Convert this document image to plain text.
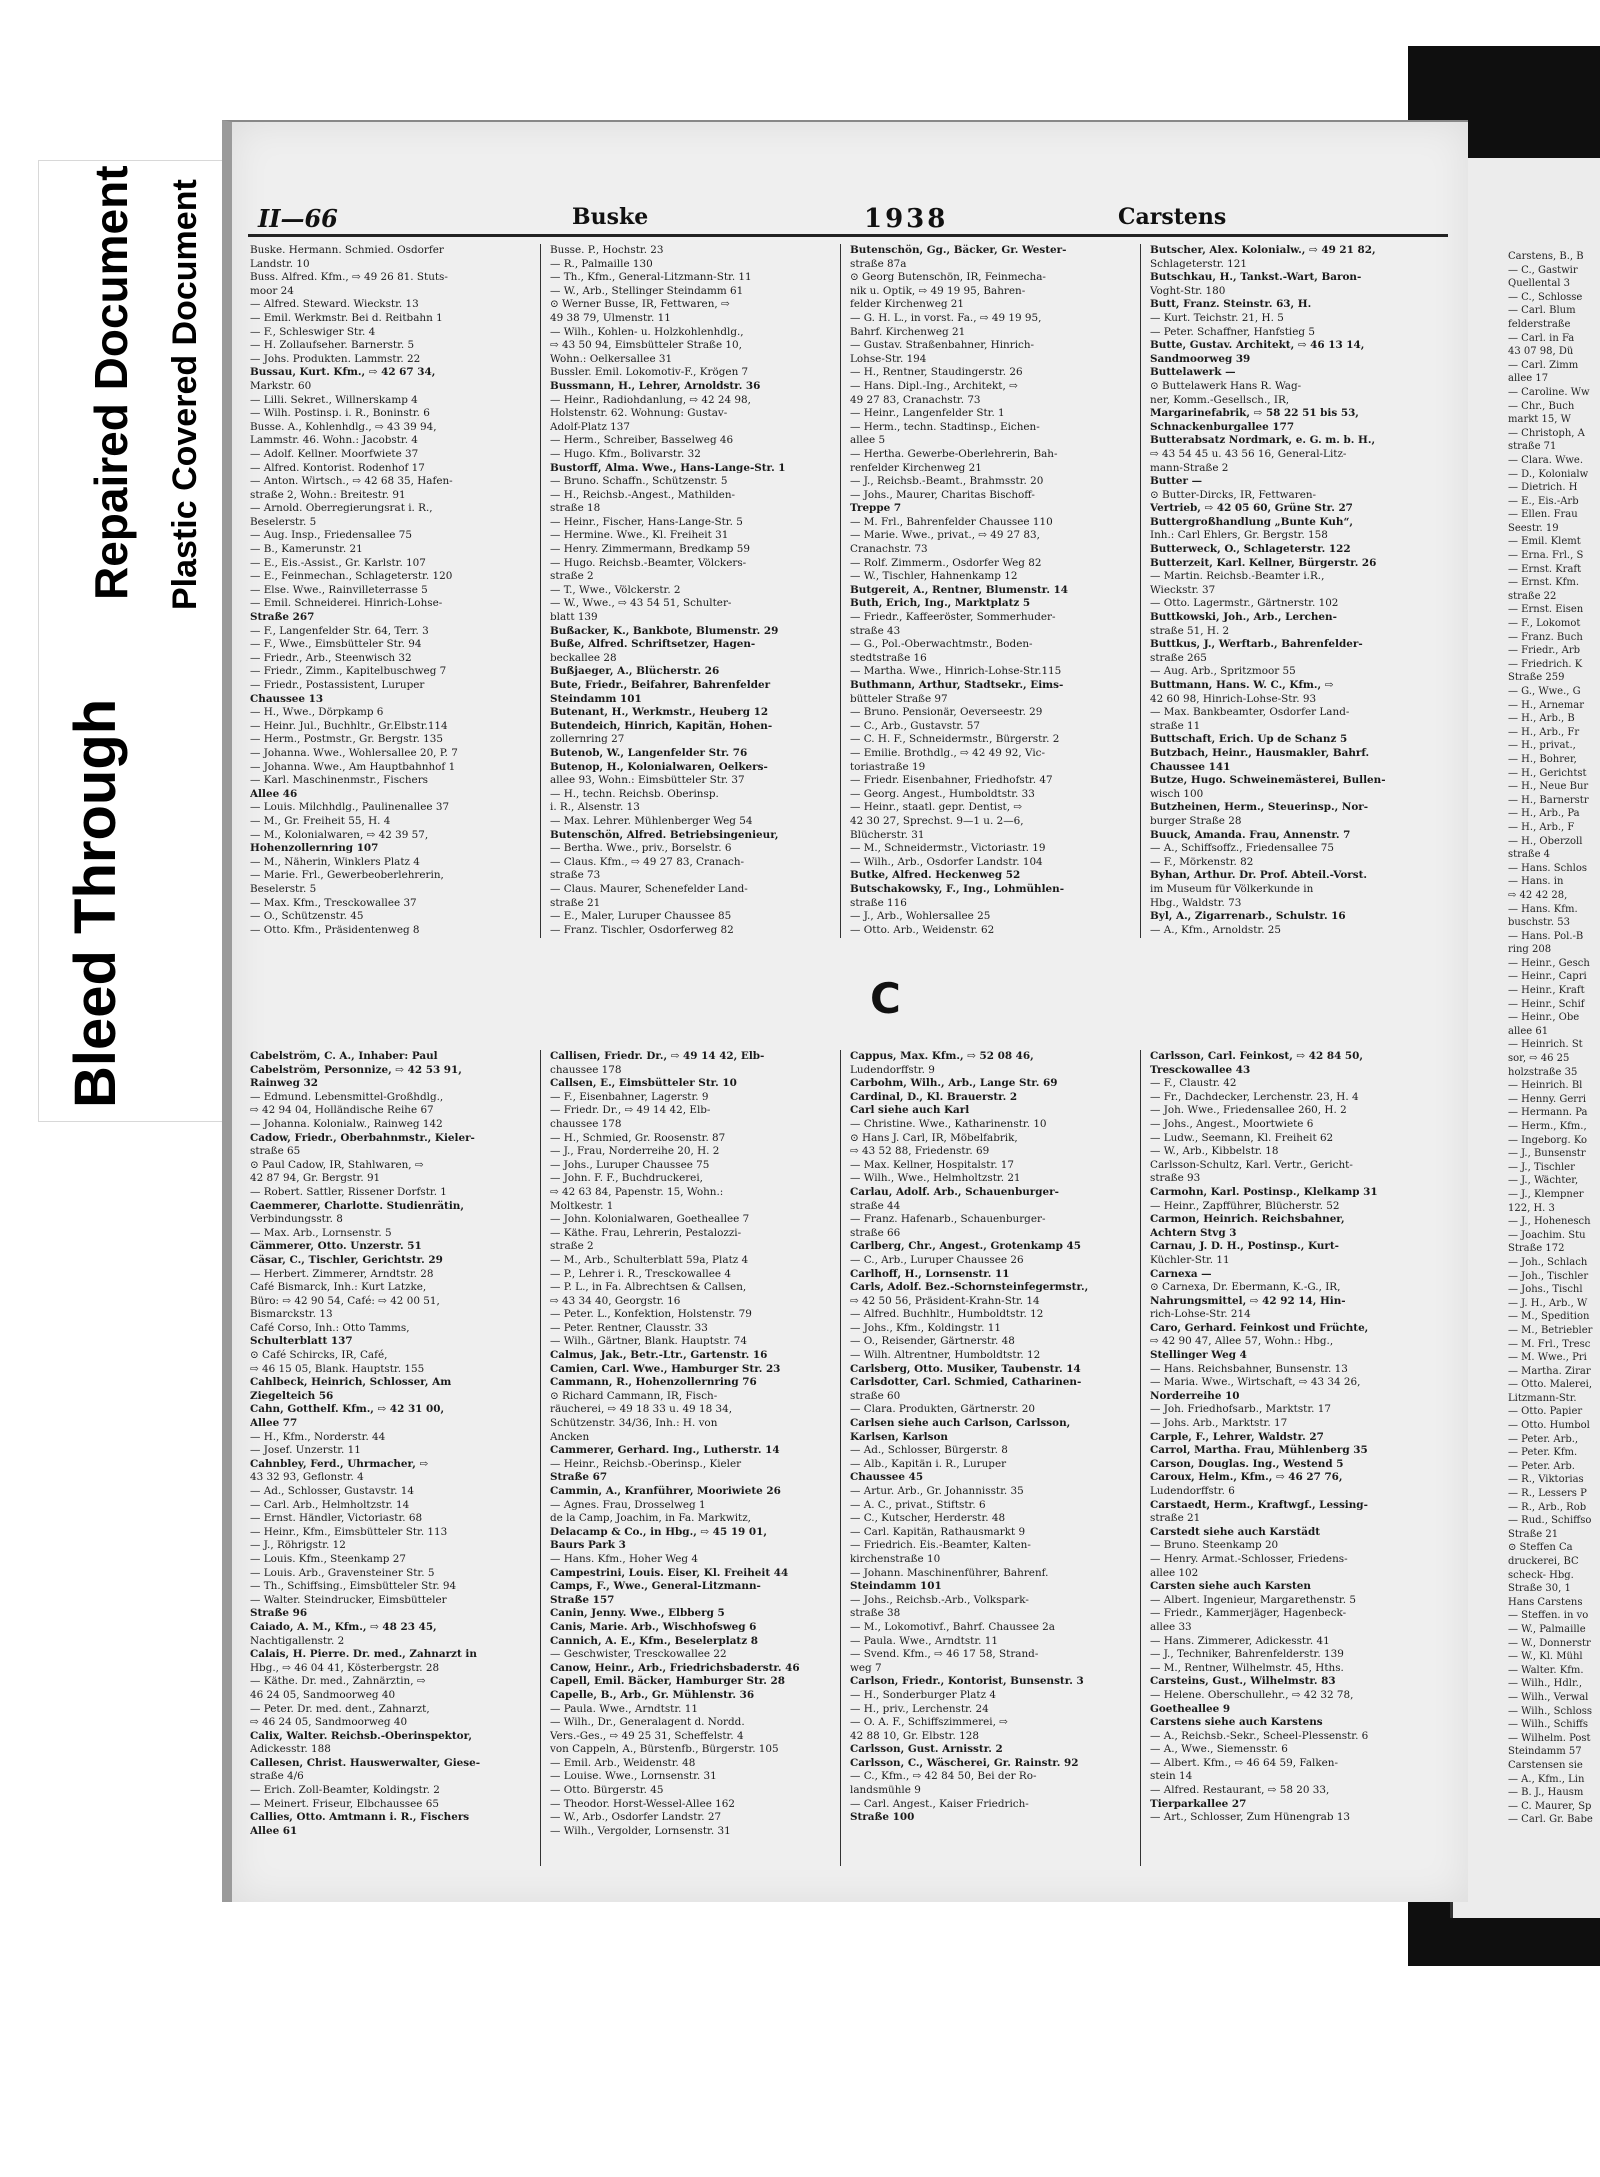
Bleed Through
Repaired Document Plastic Covered Document	Carstens, B., B

— C., Gastwir

Quellental 3

— C., Schlosse

— Carl. Blum

felderstraße

— Carl. in Fa

43 07 98, Dü

— Carl. Zimm

allee 17

— Caroline. Ww

— Chr., Buch

markt 15, W

— Christoph, A

straße 71

— Clara. Wwe.

— D., Kolonialw

— Dietrich. H

— E., Eis.-Arb

— Ellen. Frau

Seestr. 19

— Emil. Klemt

— Erna. Frl., S

— Ernst. Kraft

— Ernst. Kfm.

straße 22

— Ernst. Eisen

— F., Lokomot

— Franz. Buch

— Friedr., Arb

— Friedrich. K

Straße 259

— G., Wwe., G

— H., Arnemar

— H., Arb., B

— H., Arb., Fr

— H., privat.,

— H., Bohrer,

— H., Gerichtst

— H., Neue Bur

— H., Barnerstr

— H., Arb., Pa

— H., Arb., F

— H., Oberzoll

straße 4

— Hans. Schlos

— Hans. in

⇨ 42 42 28,

— Hans. Kfm.

buschstr. 53

— Hans. Pol.-B

ring 208

— Heinr., Gesch

— Heinr., Capri

— Heinr., Kraft

— Heinr., Schif

— Heinr., Obe

allee 61

— Heinrich. St

sor, ⇨ 46 25

holzstraße 35

— Heinrich. Bl

— Henny. Gerri

— Hermann. Pa

— Herm., Kfm.,

— Ingeborg. Ko

— J., Bunsenstr

— J., Tischler

— J., Wächter,

— J., Klempner

122, H. 3

— J., Hohenesch

— Joachim. Stu

Straße 172

— Joh., Schlach

— Joh., Tischler

— Johs., Tischl

— J. H., Arb., W

— M., Spedition

— M., Betriebler

— M. Frl., Tresc

— M. Wwe., Pri

— Martha. Zirar

— Otto. Malerei,

Litzmann-Str.

— Otto. Papier

— Otto. Humbol

— Peter. Arb.,

— Peter. Kfm.

— Peter. Arb.

— R., Viktorias

— R., Lessers P

— R., Arb., Rob

— Rud., Schiffso

Straße 21

⊙ Steffen Ca

druckerei, BC

scheck- Hbg.

Straße 30, 1

Hans Carstens

— Steffen. in vo

— W., Palmaille

— W., Donnerstr

— W., Kl. Mühl

— Walter. Kfm.

— Wilh., Hdlr.,

— Wilh., Verwal

— Wilh., Schloss

— Wilh., Schiffs

— Wilhelm. Post

Steindamm 57

Carstensen sie

— A., Kfm., Lin

— B. J., Hausm

— C. Maurer, Sp

— Carl. Gr. Babe

II—66	Buske	1938	Carstens

Buske. Hermann. Schmied. Osdorfer

Landstr. 10

Buss. Alfred. Kfm., ⇨ 49 26 81. Stuts-

moor 24

— Alfred. Steward. Wieckstr. 13

— Emil. Werkmstr. Bei d. Reitbahn 1

— F., Schleswiger Str. 4

— H. Zollaufseher. Barnerstr. 5

— Johs. Produkten. Lammstr. 22

Bussau, Kurt. Kfm., ⇨ 42 67 34,

Markstr. 60

— Lilli. Sekret., Willnerskamp 4

— Wilh. Postinsp. i. R., Boninstr. 6

Busse. A., Kohlenhdlg., ⇨ 43 39 94,

Lammstr. 46. Wohn.: Jacobstr. 4

— Adolf. Kellner. Moorfwiete 37

— Alfred. Kontorist. Rodenhof 17

— Anton. Wirtsch., ⇨ 42 68 35, Hafen-

straße 2, Wohn.: Breitestr. 91

— Arnold. Oberregierungsrat i. R.,

Beselerstr. 5

— Aug. Insp., Friedensallee 75

— B., Kamerunstr. 21

— E., Eis.-Assist., Gr. Karlstr. 107

— E., Feinmechan., Schlageterstr. 120

— Else. Wwe., Rainvilleterrasse 5

— Emil. Schneiderei. Hinrich-Lohse-

Straße 267

— F., Langenfelder Str. 64, Terr. 3

— F., Wwe., Eimsbütteler Str. 94

— Friedr., Arb., Steenwisch 32

— Friedr., Zimm., Kapitelbuschweg 7

— Friedr., Postassistent, Luruper

Chaussee 13

— H., Wwe., Dörpkamp 6

— Heinr. Jul., Buchhltr., Gr.Elbstr.114

— Herm., Postmstr., Gr. Bergstr. 135

— Johanna. Wwe., Wohlersallee 20, P. 7

— Johanna. Wwe., Am Hauptbahnhof 1

— Karl. Maschinenmstr., Fischers

Allee 46

— Louis. Milchhdlg., Paulinenallee 37

— M., Gr. Freiheit 55, H. 4

— M., Kolonialwaren, ⇨ 42 39 57,

Hohenzollernring 107

— M., Näherin, Winklers Platz 4

— Marie. Frl., Gewerbeoberlehrerin,

Beselerstr. 5

— Max. Kfm., Tresckowallee 37

— O., Schützenstr. 45

— Otto. Kfm., Präsidentenweg 8

Busse. P., Hochstr. 23

— R., Palmaille 130

— Th., Kfm., General-Litzmann-Str. 11

— W., Arb., Stellinger Steindamm 61

⊙ Werner Busse, IR, Fettwaren, ⇨

49 38 79, Ulmenstr. 11

— Wilh., Kohlen- u. Holzkohlenhdlg.,

⇨ 43 50 94, Eimsbütteler Straße 10,

Wohn.: Oelkersallee 31

Bussler. Emil. Lokomotiv-F., Krögen 7

Bussmann, H., Lehrer, Arnoldstr. 36

— Heinr., Radiohdanlung, ⇨ 42 24 98,

Holstenstr. 62. Wohnung: Gustav-

Adolf-Platz 137

— Herm., Schreiber, Basselweg 46

— Hugo. Kfm., Bolivarstr. 32

Bustorff, Alma. Wwe., Hans-Lange-Str. 1

— Bruno. Schaffn., Schützenstr. 5

— H., Reichsb.-Angest., Mathilden-

straße 18

— Heinr., Fischer, Hans-Lange-Str. 5

— Hermine. Wwe., Kl. Freiheit 31

— Henry. Zimmermann, Bredkamp 59

— Hugo. Reichsb.-Beamter, Völckers-

straße 2

— T., Wwe., Völckerstr. 2

— W., Wwe., ⇨ 43 54 51, Schulter-

blatt 139

Bußacker, K., Bankbote, Blumenstr. 29

Buße, Alfred. Schriftsetzer, Hagen-

beckallee 28

Bußjaeger, A., Blücherstr. 26

Bute, Friedr., Beifahrer, Bahrenfelder

Steindamm 101

Butenant, H., Werkmstr., Heuberg 12

Butendeich, Hinrich, Kapitän, Hohen-

zollernring 27

Butenob, W., Langenfelder Str. 76

Butenop, H., Kolonialwaren, Oelkers-

allee 93, Wohn.: Eimsbütteler Str. 37

— H., techn. Reichsb. Oberinsp.

i. R., Alsenstr. 13

— Max. Lehrer. Mühlenberger Weg 54

Butenschön, Alfred. Betriebsingenieur,

— Bertha. Wwe., priv., Borselstr. 6

— Claus. Kfm., ⇨ 49 27 83, Cranach-

straße 73

— Claus. Maurer, Schenefelder Land-

straße 21

— E., Maler, Luruper Chaussee 85

— Franz. Tischler, Osdorferweg 82

Butenschön, Gg., Bäcker, Gr. Wester-

straße 87a

⊙ Georg Butenschön, IR, Feinmecha-

nik u. Optik, ⇨ 49 19 95, Bahren-

felder Kirchenweg 21

— G. H. L., in vorst. Fa., ⇨ 49 19 95,

Bahrf. Kirchenweg 21

— Gustav. Straßenbahner, Hinrich-

Lohse-Str. 194

— H., Rentner, Staudingerstr. 26

— Hans. Dipl.-Ing., Architekt, ⇨

49 27 83, Cranachstr. 73

— Heinr., Langenfelder Str. 1

— Herm., techn. Stadtinsp., Eichen-

allee 5

— Hertha. Gewerbe-Oberlehrerin, Bah-

renfelder Kirchenweg 21

— J., Reichsb.-Beamt., Brahmsstr. 20

— Johs., Maurer, Charitas Bischoff-

Treppe 7

— M. Frl., Bahrenfelder Chaussee 110

— Marie. Wwe., privat., ⇨ 49 27 83,

Cranachstr. 73

— Rolf. Zimmerm., Osdorfer Weg 82

— W., Tischler, Hahnenkamp 12

Butgereit, A., Rentner, Blumenstr. 14

Buth, Erich, Ing., Marktplatz 5

— Friedr., Kaffeeröster, Sommerhuder-

straße 43

— G., Pol.-Oberwachtmstr., Boden-

stedtstraße 16

— Martha. Wwe., Hinrich-Lohse-Str.115

Buthmann, Arthur, Stadtsekr., Eims-

bütteler Straße 97

— Bruno. Pensionär, Oeverseestr. 29

— C., Arb., Gustavstr. 57

— C. H. F., Schneidermstr., Bürgerstr. 2

— Emilie. Brothdlg., ⇨ 42 49 92, Vic-

toriastraße 19

— Friedr. Eisenbahner, Friedhofstr. 47

— Georg. Angest., Humboldtstr. 33

— Heinr., staatl. gepr. Dentist, ⇨

42 30 27, Sprechst. 9—1 u. 2—6,

Blücherstr. 31

— M., Schneidermstr., Victoriastr. 19

— Wilh., Arb., Osdorfer Landstr. 104

Butke, Alfred. Heckenweg 52

Butschakowsky, F., Ing., Lohmühlen-

straße 116

— J., Arb., Wohlersallee 25

— Otto. Arb., Weidenstr. 62

Butscher, Alex. Kolonialw., ⇨ 49 21 82,

Schlageterstr. 121

Butschkau, H., Tankst.-Wart, Baron-

Voght-Str. 180

Butt, Franz. Steinstr. 63, H.

— Kurt. Teichstr. 21, H. 5

— Peter. Schaffner, Hanfstieg 5

Butte, Gustav. Architekt, ⇨ 46 13 14,

Sandmoorweg 39

Buttelawerk —

⊙ Buttelawerk Hans R. Wag-

ner, Komm.-Gesellsch., IR,

Margarinefabrik, ⇨ 58 22 51 bis 53,

Schnackenburgallee 177

Butterabsatz Nordmark, e. G. m. b. H.,

⇨ 43 54 45 u. 43 56 16, General-Litz-

mann-Straße 2

Butter —

⊙ Butter-Dircks, IR, Fettwaren-

Vertrieb, ⇨ 42 05 60, Grüne Str. 27

Buttergroßhandlung „Bunte Kuh“,

Inh.: Carl Ehlers, Gr. Bergstr. 158

Butterweck, O., Schlageterstr. 122

Butterzeit, Karl. Kellner, Bürgerstr. 26

— Martin. Reichsb.-Beamter i.R.,

Wieckstr. 37

— Otto. Lagermstr., Gärtnerstr. 102

Buttkowski, Joh., Arb., Lerchen-

straße 51, H. 2

Buttkus, J., Werftarb., Bahrenfelder-

straße 265

— Aug. Arb., Spritzmoor 55

Buttmann, Hans. W. C., Kfm., ⇨

42 60 98, Hinrich-Lohse-Str. 93

— Max. Bankbeamter, Osdorfer Land-

straße 11

Buttschaft, Erich. Up de Schanz 5

Butzbach, Heinr., Hausmakler, Bahrf.

Chaussee 141

Butze, Hugo. Schweinemästerei, Bullen-

wisch 100

Butzheinen, Herm., Steuerinsp., Nor-

burger Straße 28

Buuck, Amanda. Frau, Annenstr. 7

— A., Schiffsoffz., Friedensallee 75

— F., Mörkenstr. 82

Byhan, Arthur. Dr. Prof. Abteil.-Vorst.

im Museum für Völkerkunde in

Hbg., Waldstr. 73

Byl, A., Zigarrenarb., Schulstr. 16

— A., Kfm., Arnoldstr. 25

C

Cabelström, C. A., Inhaber: Paul

Cabelström, Personnize, ⇨ 42 53 91,

Rainweg 32

— Edmund. Lebensmittel-Großhdlg.,

⇨ 42 94 04, Holländische Reihe 67

— Johanna. Kolonialw., Rainweg 142

Cadow, Friedr., Oberbahnmstr., Kieler-

straße 65

⊙ Paul Cadow, IR, Stahlwaren, ⇨

42 87 94, Gr. Bergstr. 91

— Robert. Sattler, Rissener Dorfstr. 1

Caemmerer, Charlotte. Studienrätin,

Verbindungsstr. 8

— Max. Arb., Lornsenstr. 5

Cämmerer, Otto. Unzerstr. 51

Cäsar, C., Tischler, Gerichtstr. 29

— Herbert. Zimmerer, Arndtstr. 28

Café Bismarck, Inh.: Kurt Latzke,

Büro: ⇨ 42 90 54, Café: ⇨ 42 00 51,

Bismarckstr. 13

Café Corso, Inh.: Otto Tamms,

Schulterblatt 137

⊙ Café Schircks, IR, Café,

⇨ 46 15 05, Blank. Hauptstr. 155

Cahlbeck, Heinrich, Schlosser, Am

Ziegelteich 56

Cahn, Gotthelf. Kfm., ⇨ 42 31 00,

Allee 77

— H., Kfm., Norderstr. 44

— Josef. Unzerstr. 11

Cahnbley, Ferd., Uhrmacher, ⇨

43 32 93, Geflonstr. 4

— Ad., Schlosser, Gustavstr. 14

— Carl. Arb., Helmholtzstr. 14

— Ernst. Händler, Victoriastr. 68

— Heinr., Kfm., Eimsbütteler Str. 113

— J., Röhrigstr. 12

— Louis. Kfm., Steenkamp 27

— Louis. Arb., Gravensteiner Str. 5

— Th., Schiffsing., Eimsbütteler Str. 94

— Walter. Steindrucker, Eimsbütteler

Straße 96

Caiado, A. M., Kfm., ⇨ 48 23 45,

Nachtigallenstr. 2

Calais, H. Pierre. Dr. med., Zahnarzt in

Hbg., ⇨ 46 04 41, Kösterbergstr. 28

— Käthe. Dr. med., Zahnärztin, ⇨

46 24 05, Sandmoorweg 40

— Peter. Dr. med. dent., Zahnarzt,

⇨ 46 24 05, Sandmoorweg 40

Calix, Walter. Reichsb.-Oberinspektor,

Adickesstr. 188

Callesen, Christ. Hauswerwalter, Giese-

straße 4/6

— Erich. Zoll-Beamter, Koldingstr. 2

— Meinert. Friseur, Elbchaussee 65

Callies, Otto. Amtmann i. R., Fischers

Allee 61

Callisen, Friedr. Dr., ⇨ 49 14 42, Elb-

chaussee 178

Callsen, E., Eimsbütteler Str. 10

— F., Eisenbahner, Lagerstr. 9

— Friedr. Dr., ⇨ 49 14 42, Elb-

chaussee 178

— H., Schmied, Gr. Roosenstr. 87

— J., Frau, Norderreihe 20, H. 2

— Johs., Luruper Chaussee 75

— John. F. F., Buchdruckerei,

⇨ 42 63 84, Papenstr. 15, Wohn.:

Moltkestr. 1

— John. Kolonialwaren, Goetheallee 7

— Käthe. Frau, Lehrerin, Pestalozzi-

straße 2

— M., Arb., Schulterblatt 59a, Platz 4

— P., Lehrer i. R., Tresckowallee 4

— P. L., in Fa. Albrechtsen & Callsen,

⇨ 43 34 40, Georgstr. 16

— Peter. L., Konfektion, Holstenstr. 79

— Peter. Rentner, Clausstr. 33

— Wilh., Gärtner, Blank. Hauptstr. 74

Calmus, Jak., Betr.-Ltr., Gartenstr. 16

Camien, Carl. Wwe., Hamburger Str. 23

Cammann, R., Hohenzollernring 76

⊙ Richard Cammann, IR, Fisch-

räucherei, ⇨ 49 18 33 u. 49 18 34,

Schützenstr. 34/36, Inh.: H. von

Ancken

Cammerer, Gerhard. Ing., Lutherstr. 14

— Heinr., Reichsb.-Oberinsp., Kieler

Straße 67

Cammin, A., Kranführer, Mooriwiete 26

— Agnes. Frau, Drosselweg 1

de la Camp, Joachim, in Fa. Markwitz,

Delacamp & Co., in Hbg., ⇨ 45 19 01,

Baurs Park 3

— Hans. Kfm., Hoher Weg 4

Campestrini, Louis. Eiser, Kl. Freiheit 44

Camps, F., Wwe., General-Litzmann-

Straße 157

Canin, Jenny. Wwe., Elbberg 5

Canis, Marie. Arb., Wischhofsweg 6

Cannich, A. E., Kfm., Beselerplatz 8

— Geschwister, Tresckowallee 22

Canow, Heinr., Arb., Friedrichsbaderstr. 46

Capell, Emil. Bäcker, Hamburger Str. 28

Capelle, B., Arb., Gr. Mühlenstr. 36

— Paula. Wwe., Arndtstr. 11

— Wilh., Dr., Generalagent d. Nordd.

Vers.-Ges., ⇨ 49 25 31, Scheffelstr. 4

von Cappeln, A., Bürstenfb., Bürgerstr. 105

— Emil. Arb., Weidenstr. 48

— Louise. Wwe., Lornsenstr. 31

— Otto. Bürgerstr. 45

— Theodor. Horst-Wessel-Allee 162

— W., Arb., Osdorfer Landstr. 27

— Wilh., Vergolder, Lornsenstr. 31

Cappus, Max. Kfm., ⇨ 52 08 46,

Ludendorffstr. 9

Carbohm, Wilh., Arb., Lange Str. 69

Cardinal, D., Kl. Brauerstr. 2

Carl siehe auch Karl

— Christine. Wwe., Katharinenstr. 10

⊙ Hans J. Carl, IR, Möbelfabrik,

⇨ 43 52 88, Friedenstr. 69

— Max. Kellner, Hospitalstr. 17

— Wilh., Wwe., Helmholtzstr. 21

Carlau, Adolf. Arb., Schauenburger-

straße 44

— Franz. Hafenarb., Schauenburger-

straße 66

Carlberg, Chr., Angest., Grotenkamp 45

— C., Arb., Luruper Chaussee 26

Carlhoff, H., Lornsenstr. 11

Carls, Adolf. Bez.-Schornsteinfegermstr.,

⇨ 42 50 56, Präsident-Krahn-Str. 14

— Alfred. Buchhltr., Humboldtstr. 12

— Johs., Kfm., Koldingstr. 11

— O., Reisender, Gärtnerstr. 48

— Wilh. Altrentner, Humboldtstr. 12

Carlsberg, Otto. Musiker, Taubenstr. 14

Carlsdotter, Carl. Schmied, Catharinen-

straße 60

— Clara. Produkten, Gärtnerstr. 20

Carlsen siehe auch Carlson, Carlsson,

Karlsen, Karlson

— Ad., Schlosser, Bürgerstr. 8

— Alb., Kapitän i. R., Luruper

Chaussee 45

— Artur. Arb., Gr. Johannisstr. 35

— A. C., privat., Stiftstr. 6

— C., Kutscher, Herderstr. 48

— Carl. Kapitän, Rathausmarkt 9

— Friedrich. Eis.-Beamter, Kalten-

kirchenstraße 10

— Johann. Maschinenführer, Bahrenf.

Steindamm 101

— Johs., Reichsb.-Arb., Volkspark-

straße 38

— M., Lokomotivf., Bahrf. Chaussee 2a

— Paula. Wwe., Arndtstr. 11

— Svend. Kfm., ⇨ 46 17 58, Strand-

weg 7

Carlson, Friedr., Kontorist, Bunsenstr. 3

— H., Sonderburger Platz 4

— H., priv., Lerchenstr. 24

— O. A. F., Schiffszimmerei, ⇨

42 88 10, Gr. Elbstr. 128

Carlsson, Gust. Arnisstr. 2

Carlsson, C., Wäscherei, Gr. Rainstr. 92

— C., Kfm., ⇨ 42 84 50, Bei der Ro-

landsmühle 9

— Carl. Angest., Kaiser Friedrich-

Straße 100

Carlsson, Carl. Feinkost, ⇨ 42 84 50,

Tresckowallee 43

— F., Claustr. 42

— Fr., Dachdecker, Lerchenstr. 23, H. 4

— Joh. Wwe., Friedensallee 260, H. 2

— Johs., Angest., Moortwiete 6

— Ludw., Seemann, Kl. Freiheit 62

— W., Arb., Kibbelstr. 18

Carlsson-Schultz, Karl. Vertr., Gericht-

straße 93

Carmohn, Karl. Postinsp., Klelkamp 31

— Heinr., Zapfführer, Blücherstr. 52

Carmon, Heinrich. Reichsbahner,

Achtern Stvg 3

Carnau, J. D. H., Postinsp., Kurt-

Küchler-Str. 11

Carnexa —

⊙ Carnexa, Dr. Ebermann, K.-G., IR,

Nahrungsmittel, ⇨ 42 92 14, Hin-

rich-Lohse-Str. 214

Caro, Gerhard. Feinkost und Früchte,

⇨ 42 90 47, Allee 57, Wohn.: Hbg.,

Stellinger Weg 4

— Hans. Reichsbahner, Bunsenstr. 13

— Maria. Wwe., Wirtschaft, ⇨ 43 34 26,

Norderreihe 10

— Joh. Friedhofsarb., Marktstr. 17

— Johs. Arb., Marktstr. 17

Carple, F., Lehrer, Waldstr. 27

Carrol, Martha. Frau, Mühlenberg 35

Carson, Douglas. Ing., Westend 5

Caroux, Helm., Kfm., ⇨ 46 27 76,

Ludendorffstr. 6

Carstaedt, Herm., Kraftwgf., Lessing-

straße 21

Carstedt siehe auch Karstädt

— Bruno. Steenkamp 20

— Henry. Armat.-Schlosser, Friedens-

allee 102

Carsten siehe auch Karsten

— Albert. Ingenieur, Margarethenstr. 5

— Friedr., Kammerjäger, Hagenbeck-

allee 33

— Hans. Zimmerer, Adickesstr. 41

— J., Techniker, Bahrenfelderstr. 139

— M., Rentner, Wilhelmstr. 45, Hths.

Carsteins, Gust., Wilhelmstr. 83

— Helene. Oberschullehr., ⇨ 42 32 78,

Goetheallee 9

Carstens siehe auch Karstens

— A., Reichsb.-Sekr., Scheel-Plessenstr. 6

— A., Wwe., Siemensstr. 6

— Albert. Kfm., ⇨ 46 64 59, Falken-

stein 14

— Alfred. Restaurant, ⇨ 58 20 33,

Tierparkallee 27

— Art., Schlosser, Zum Hünengrab 13
